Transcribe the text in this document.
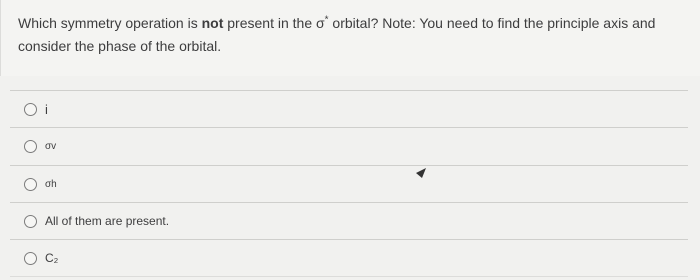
Which symmetry operation is not present in the σ* orbital? Note: You need to find the principle axis and consider the phase of the orbital.
i
σv
σh
All of them are present.
C₂
